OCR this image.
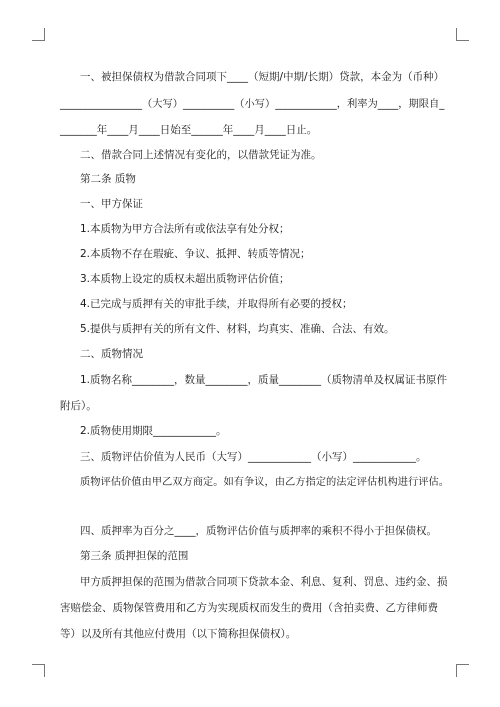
一、被担保债权为借款合同项下____（短期/中期/长期）贷款，本金为（币种）
________________（大写）__________（小写）____________，利率为____，期限自_
_______年____月____日始至______年____月____日止。
二、借款合同上述情况有变化的，以借款凭证为准。
第二条 质物
一、甲方保证
1.本质物为甲方合法所有或依法享有处分权；
2.本质物不存在瑕疵、争议、抵押、转质等情况；
3.本质物上设定的质权未超出质物评估价值；
4.已完成与质押有关的审批手续，并取得所有必要的授权；
5.提供与质押有关的所有文件、材料，均真实、准确、合法、有效。
二、质物情况
1.质物名称________，数量________，质量________（质物清单及权属证书原件
附后）。
2.质物使用期限____________。
三、质物评估价值为人民币（大写）____________（小写）____________。
质物评估价值由甲乙双方商定。如有争议，由乙方指定的法定评估机构进行评估。
四、质押率为百分之____，质物评估价值与质押率的乘积不得小于担保债权。
第三条 质押担保的范围
甲方质押担保的范围为借款合同项下贷款本金、利息、复利、罚息、违约金、损
害赔偿金、质物保管费用和乙方为实现质权而发生的费用（含拍卖费、乙方律师费
等）以及所有其他应付费用（以下简称担保债权）。
